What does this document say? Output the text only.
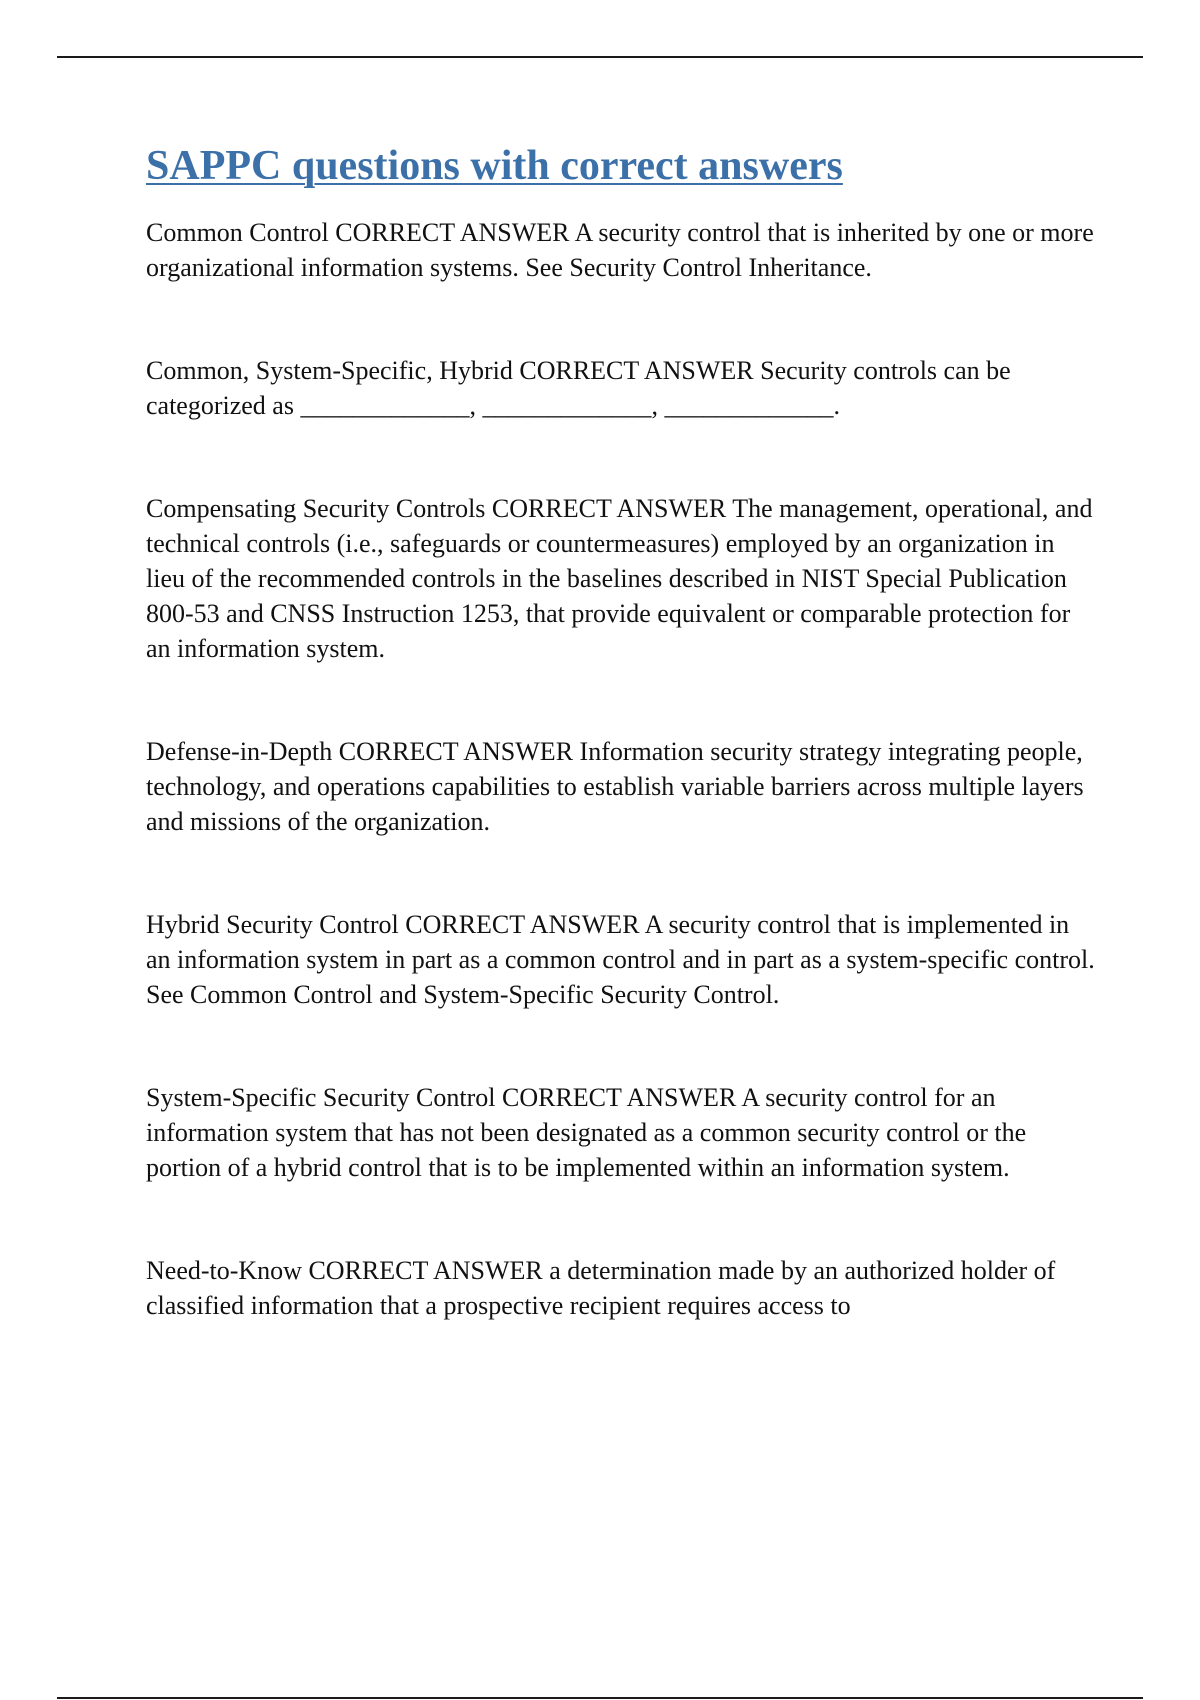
SAPPC questions with correct answers

Common Control CORRECT ANSWER A security control that is inherited by one or more organizational information systems. See Security Control Inheritance.

Common, System-Specific, Hybrid CORRECT ANSWER Security controls can be categorized as _____________, _____________, _____________.

Compensating Security Controls CORRECT ANSWER The management, operational, and technical controls (i.e., safeguards or countermeasures) employed by an organization in lieu of the recommended controls in the baselines described in NIST Special Publication 800-53 and CNSS Instruction 1253, that provide equivalent or comparable protection for an information system.

Defense-in-Depth CORRECT ANSWER Information security strategy integrating people, technology, and operations capabilities to establish variable barriers across multiple layers and missions of the organization.

Hybrid Security Control CORRECT ANSWER A security control that is implemented in an information system in part as a common control and in part as a system-specific control. See Common Control and System-Specific Security Control.

System-Specific Security Control CORRECT ANSWER A security control for an information system that has not been designated as a common security control or the portion of a hybrid control that is to be implemented within an information system.

Need-to-Know CORRECT ANSWER a determination made by an authorized holder of classified information that a prospective recipient requires access to
